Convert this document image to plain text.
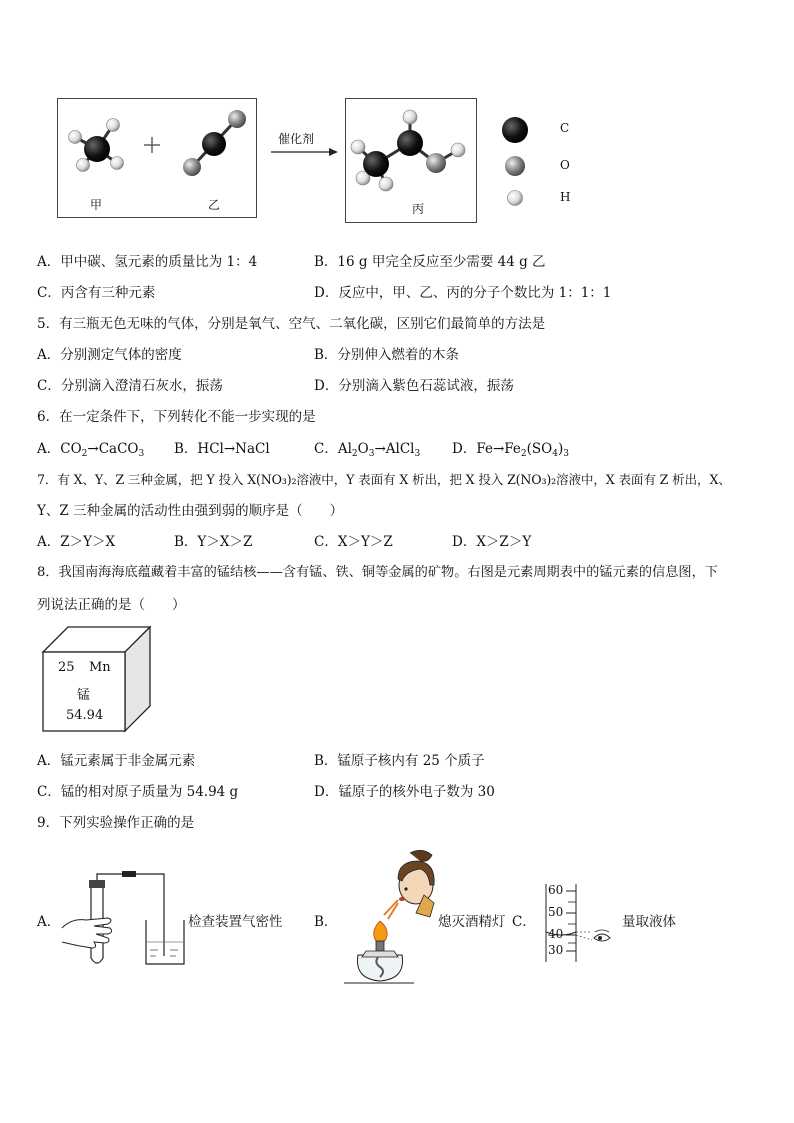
催化剂
甲	乙	丙
C
O
H
A．甲中碳、氢元素的质量比为 1：4	B．16 g 甲完全反应至少需要 44 g 乙
C．丙含有三种元素	D．反应中，甲、乙、丙的分子个数比为 1：1：1
5．有三瓶无色无味的气体，分别是氧气、空气、二氧化碳，区别它们最简单的方法是
A．分别测定气体的密度	B．分别伸入燃着的木条
C．分别滴入澄清石灰水，振荡	D．分别滴入紫色石蕊试液，振荡
6．在一定条件下，下列转化不能一步实现的是
A．$CO_2\to CaCO_3$ B．HCl→NaCl	C．$Al_2O_3\to AlCl_3$ D．$Fe\to Fe_2(SO_4)_3$
7．有 X、Y、Z 三种金属，把 Y 投入 X(NO₃)₂溶液中，Y 表面有 X 析出，把 X 投入 Z(NO₃)₂溶液中，X 表面有 Z 析出，X、
Y、Z 三种金属的活动性由强到弱的顺序是（　　）
A．Z＞Y＞X	B．Y＞X＞Z	C．X＞Y＞Z	D．X＞Z＞Y
8．我国南海海底蕴藏着丰富的锰结核——含有锰、铁、铜等金属的矿物。右图是元素周期表中的锰元素的信息图，下
列说法正确的是（　　）
25 Mn
锰
54.94
A．锰元素属于非金属元素	B．锰原子核内有 25 个质子
C．锰的相对原子质量为 54.94 g	D．锰原子的核外电子数为 30
9．下列实验操作正确的是
A．	检查装置气密性 B．	熄灭酒精灯 C．
60
50
40
30
量取液体
